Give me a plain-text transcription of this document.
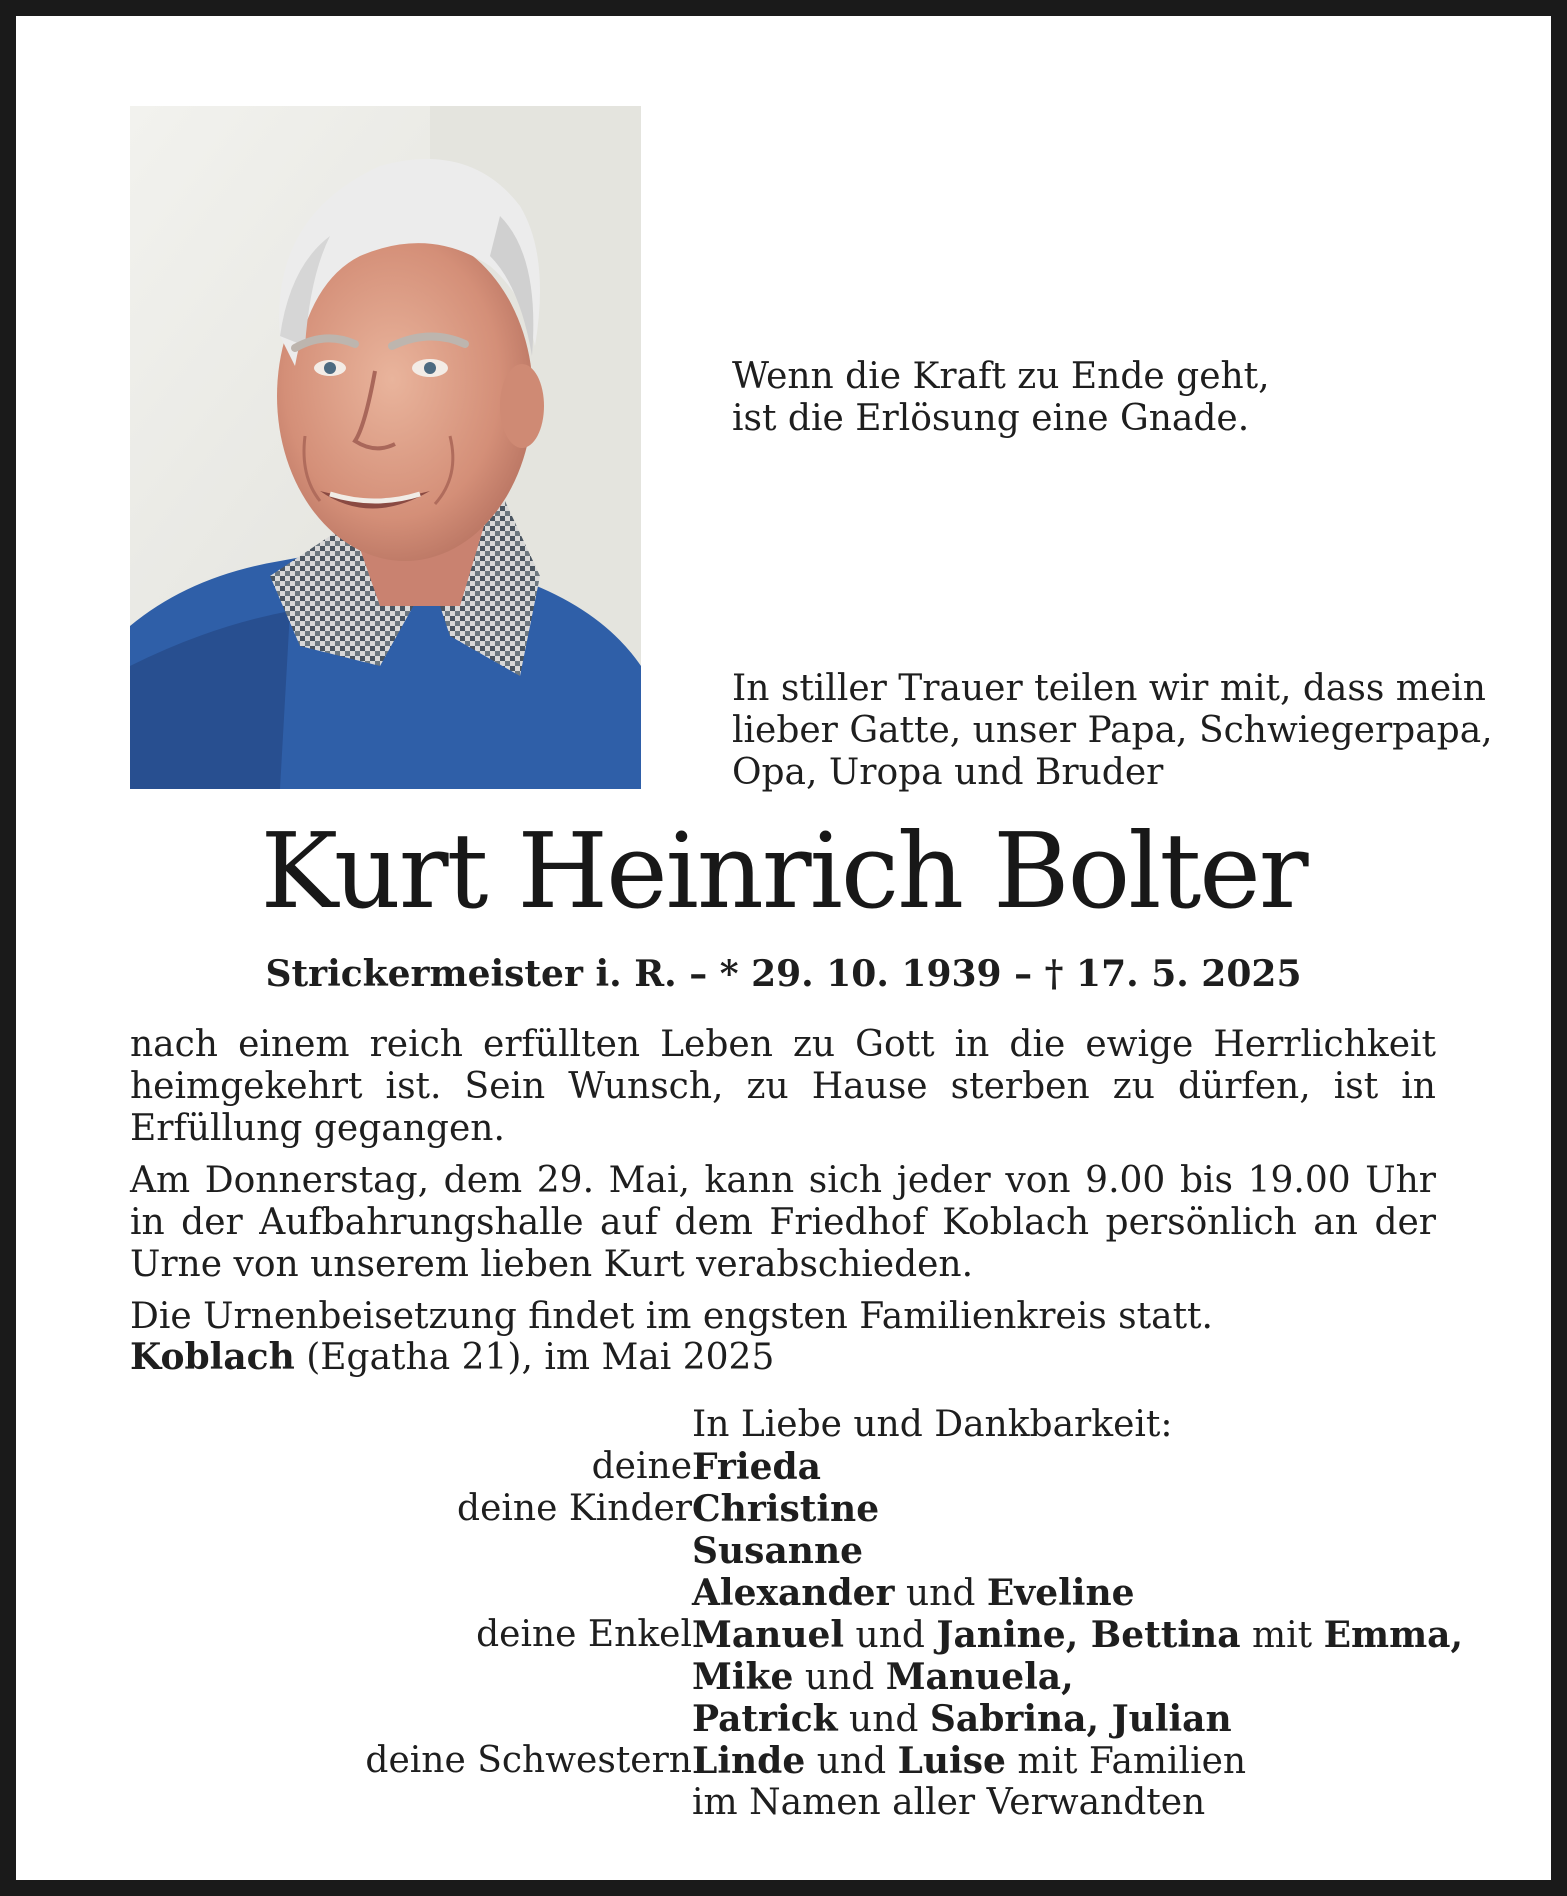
Wenn die Kraft zu Ende geht,
ist die Erlösung eine Gnade.
In stiller Trauer teilen wir mit, dass mein
lieber Gatte, unser Papa, Schwiegerpapa,
Opa, Uropa und Bruder
Kurt Heinrich Bolter
Strickermeister i. R. – * 29. 10. 1939 – † 17. 5. 2025

nach einem reich erfüllten Leben zu Gott in die ewige Herrlichkeit heimgekehrt ist. Sein Wunsch, zu Hause sterben zu dürfen, ist in Erfüllung gegangen.

Am Donnerstag, dem 29. Mai, kann sich jeder von 9.00 bis 19.00 Uhr in der Aufbahrungshalle auf dem Friedhof Koblach persönlich an der Urne von unserem lieben Kurt verabschieden.

Die Urnenbeisetzung findet im engsten Familienkreis statt.

Koblach (Egatha 21), im Mai 2025
In Liebe und Dankbarkeit:
deine Frieda
deine Kinder Christine
Susanne
Alexander und Eveline
deine Enkel Manuel und Janine, Bettina mit Emma,
Mike und Manuela,
Patrick und Sabrina, Julian
deine Schwestern Linde und Luise mit Familien
im Namen aller Verwandten
